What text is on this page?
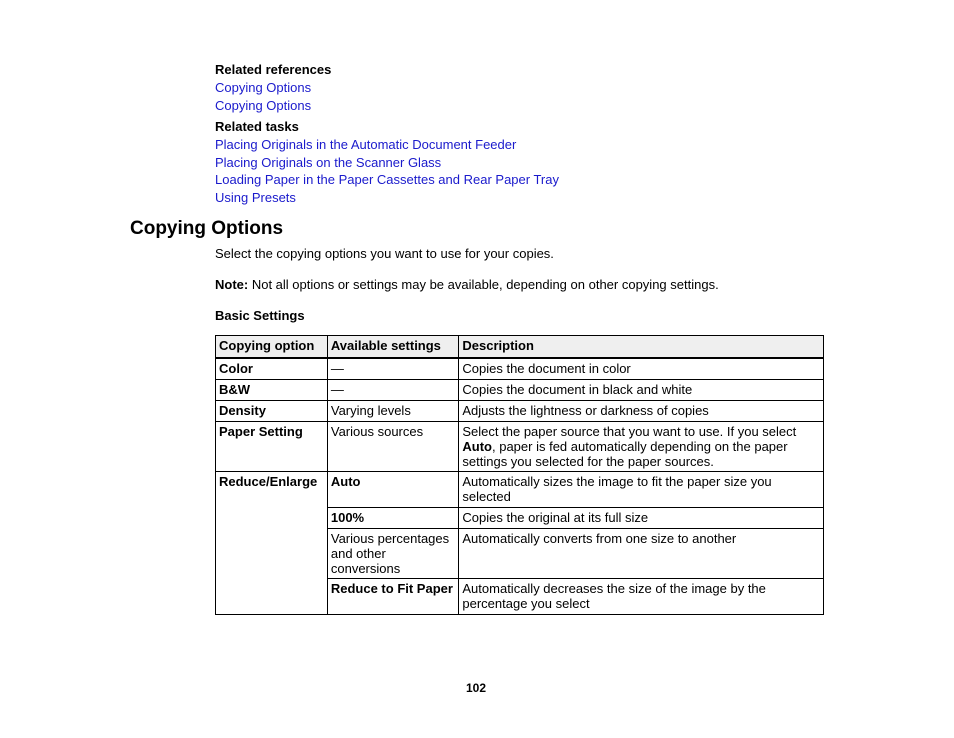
Related references
Copying Options
Copying Options
Related tasks
Placing Originals in the Automatic Document Feeder
Placing Originals on the Scanner Glass
Loading Paper in the Paper Cassettes and Rear Paper Tray
Using Presets
Copying Options
Select the copying options you want to use for your copies.
Note: Not all options or settings may be available, depending on other copying settings.
Basic Settings
Copying option	Available settings	Description
Color	—	Copies the document in color
B&W	—	Copies the document in black and white
Density	Varying levels	Adjusts the lightness or darkness of copies
Paper Setting	Various sources	Select the paper source that you want to use. If you select Auto, paper is fed automatically depending on the paper settings you selected for the paper sources.
Reduce/Enlarge	Auto	Automatically sizes the image to fit the paper size you selected
	100%	Copies the original at its full size
	Various percentages and other conversions	Automatically converts from one size to another
	Reduce to Fit Paper	Automatically decreases the size of the image by the percentage you select
102
